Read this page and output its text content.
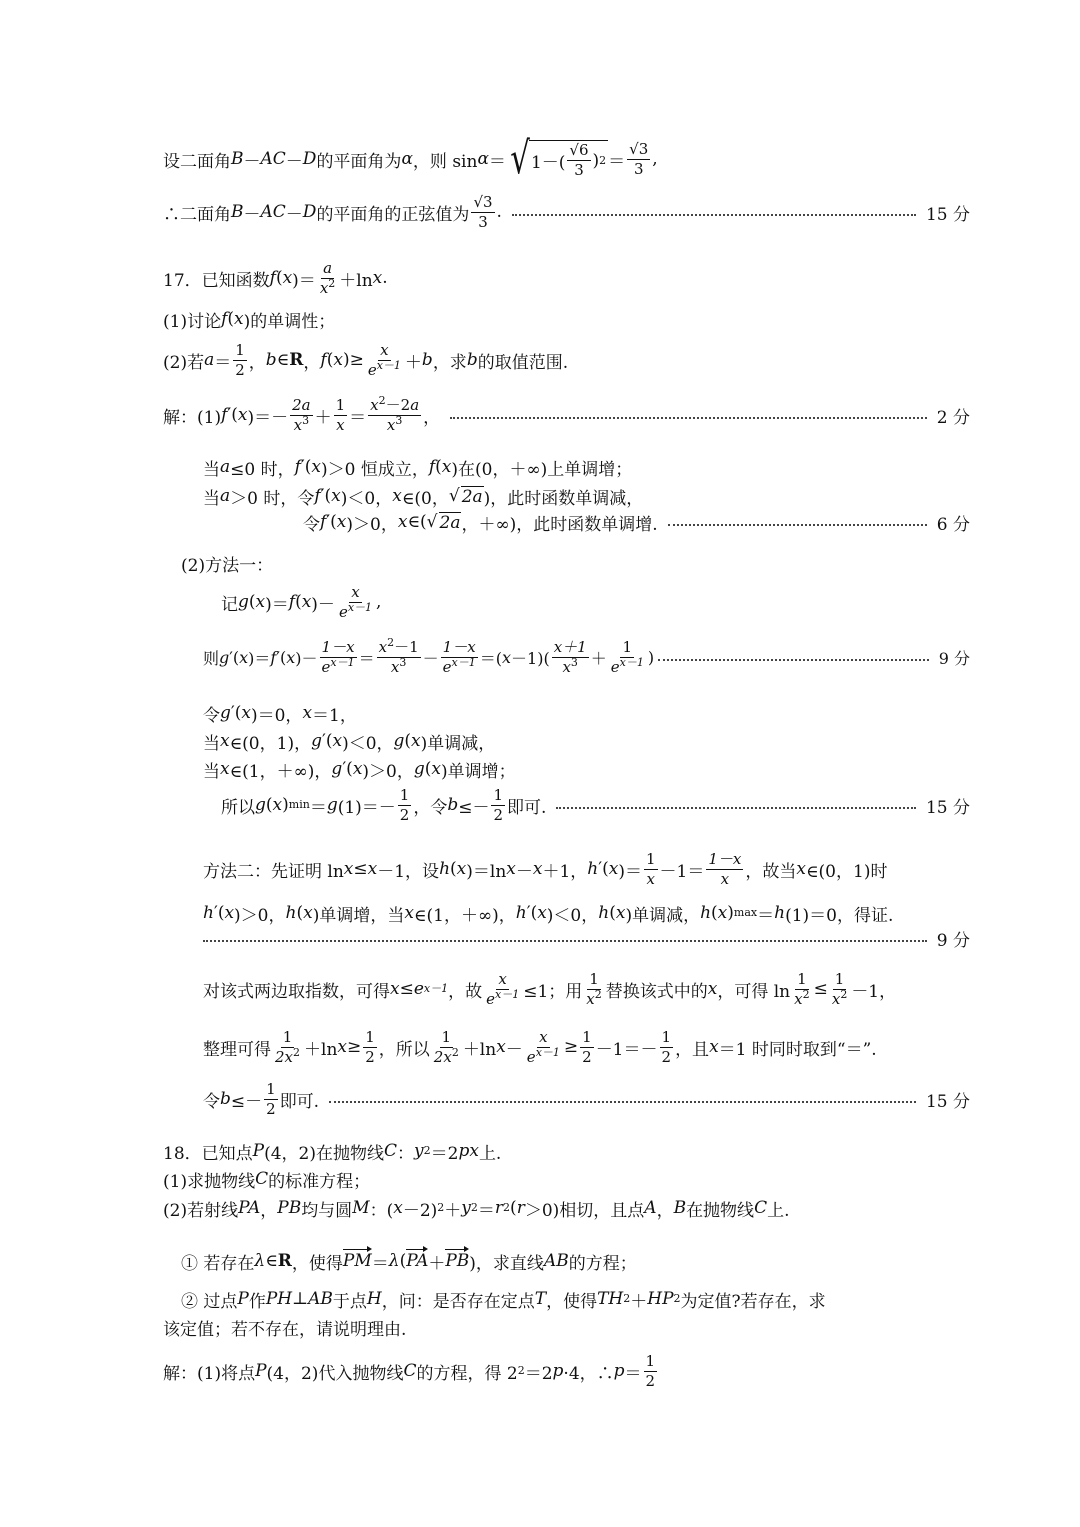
设二面角 B － AC － D 的平面角为 α ，则 sin α ＝ √ $1-( \frac{√6}{3}$ ) $2 = \frac{√3}{3}$ ,
∴二面角 B － AC － D 的平面角的正弦值为 $\frac{√3}{3}$ .	15 分
17．已知函数 f ( x )＝ $\frac{a}{x^2} +\ln$ x .
(1)讨论 f ( x )的单调性；
(2)若 $a = \frac{1}{2}$ ， b ∈ R ， f ( x )≥ $\frac{x}{e^{x-1}} + b$ ，求 b 的取值范围.
解：(1) f ′( x )＝－ $\frac{2a}{x^3} + \frac{1}{x} = \frac{x^2-2a}{x^3}$ ，	2 分
当 a ≤0 时， f ′( x )＞0 恒成立， f ( x )在(0，＋∞)上单调增；
当 a ＞0 时，令 f ′( x )＜0， x ∈(0， √ 2a )，此时函数单调减，
令 f ′( x )＞0， x ∈( √ 2a ，＋∞)，此时函数单调增.	6 分
(2)方法一：
记 g ( x )＝ f ( x )－ $\frac{x}{e^{x-1}}$ ,
则 g ′( x )＝ f ′( x )－ $\frac{1-x}{e^{x-1}} = \frac{x^2-1}{x^3} - \frac{1-x}{e^{x-1}}$ ＝( $x -1)( \frac{x+1}{x^3} + \frac{1}{e^{x-1}}$ )	9 分
令 g ′( x )＝0， x ＝1，
当 x ∈(0，1)， g ′( x )＜0， g ( x )单调减，
当 x ∈(1，＋∞)， g ′( x )＞0， g ( x )单调增；
所以 g ( x ) min ＝ g $(1)=- \frac{1}{2}$ ，令 $b \le- \frac{1}{2}$ 即可.	15 分
方法二：先证明 ln x ≤ x －1，设 h ( x )＝ln x － x ＋1， h ′( x )＝ $\frac{1}{x} -1= \frac{1-x}{x}$ ，故当 x ∈(0，1)时
h ′( x )＞0， h ( x )单调增，当 x ∈(1，＋∞)， h ′( x )＜0， h ( x )单调减， h ( x ) max ＝ h (1)＝0，得证.
9 分
对该式两边取指数，可得 x ≤ e x－1 ，故 $\frac{x}{e^{x-1}} \le 1$；用 $\frac{1}{x^2}$ 替换该式中的 x ，可得 $\ln \frac{1}{x^2} \le \frac{1}{x^2} -1$，
整理可得 $\frac{1}{2x^2} +\ln$ $x \ge \frac{1}{2}$ ，所以 $\frac{1}{2x^2} +\ln$ $x - \frac{x}{e^{x-1}} \ge \frac{1}{2} -1=- \frac{1}{2}$ ，且 x ＝1 时同时取到“＝”.
令 $b \le- \frac{1}{2}$ 即可.	15 分
18．已知点 P (4，2)在抛物线 C ： y 2 ＝2 px 上.
(1)求抛物线 C 的标准方程；
(2)若射线 PA ， PB 均与圆 M ：( x －2) 2 ＋ y 2 ＝ r 2 ( r ＞0)相切，且点 A ， B 在抛物线 C 上.
① 若存在 λ ∈ R ，使得 PM ＝ λ ( PA ＋ PB )，求直线 AB 的方程；
② 过点 P 作 PH ⊥ AB 于点 H ，问：是否存在定点 T ，使得 TH 2 ＋ HP 2 为定值?若存在，求
该定值；若不存在，请说明理由.
解：(1)将点 P (4，2)代入抛物线 C 的方程，得 2 2 ＝2 p ·4，∴ $p = \frac{1}{2}$
